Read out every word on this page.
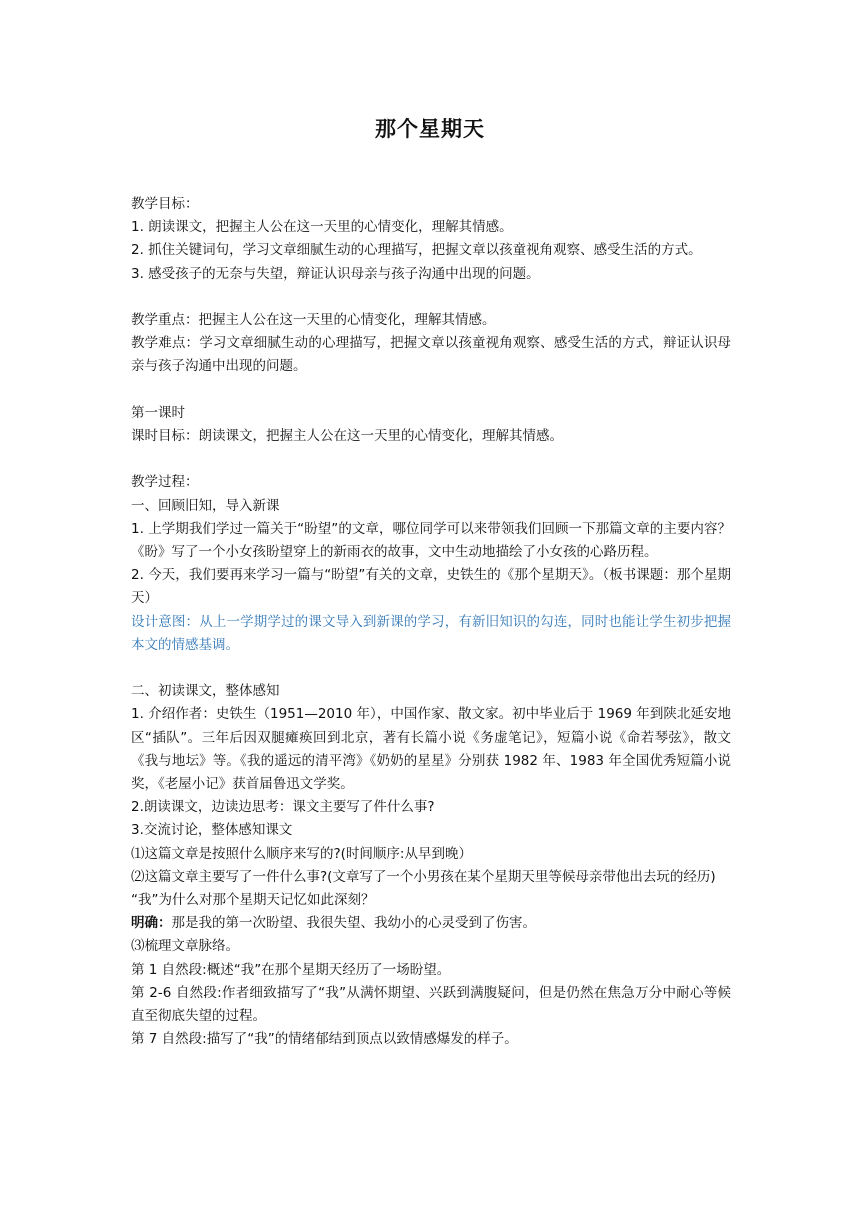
那个星期天

教学目标：

1. 朗读课文，把握主人公在这一天里的心情变化，理解其情感。

2. 抓住关键词句，学习文章细腻生动的心理描写，把握文章以孩童视角观察、感受生活的方式。

3. 感受孩子的无奈与失望，辩证认识母亲与孩子沟通中出现的问题。

教学重点：把握主人公在这一天里的心情变化，理解其情感。

教学难点：学习文章细腻生动的心理描写，把握文章以孩童视角观察、感受生活的方式，辩证认识母亲与孩子沟通中出现的问题。

第一课时

课时目标：朗读课文，把握主人公在这一天里的心情变化，理解其情感。

教学过程：

一、回顾旧知，导入新课

1. 上学期我们学过一篇关于“盼望”的文章，哪位同学可以来带领我们回顾一下那篇文章的主要内容？《盼》写了一个小女孩盼望穿上的新雨衣的故事，文中生动地描绘了小女孩的心路历程。

2. 今天，我们要再来学习一篇与“盼望”有关的文章，史铁生的《那个星期天》。（板书课题：那个星期天）

设计意图：从上一学期学过的课文导入到新课的学习，有新旧知识的勾连，同时也能让学生初步把握本文的情感基调。

二、初读课文，整体感知

1. 介绍作者：史铁生（1951—2010 年），中国作家、散文家。初中毕业后于 1969 年到陕北延安地区“插队”。三年后因双腿瘫痪回到北京，著有长篇小说《务虚笔记》，短篇小说《命若琴弦》，散文《我与地坛》等。《我的遥远的清平湾》《奶奶的星星》分别获 1982 年、1983 年全国优秀短篇小说奖，《老屋小记》获首届鲁迅文学奖。

2.朗读课文，边读边思考：课文主要写了件什么事?

3.交流讨论，整体感知课文

⑴这篇文章是按照什么顺序来写的?(时间顺序:从早到晚）

⑵这篇文章主要写了一件什么事?(文章写了一个小男孩在某个星期天里等候母亲带他出去玩的经历)

“我”为什么对那个星期天记忆如此深刻？

明确：那是我的第一次盼望、我很失望、我幼小的心灵受到了伤害。

⑶梳理文章脉络。

第 1 自然段:概述“我”在那个星期天经历了一场盼望。

第 2-6 自然段:作者细致描写了“我”从满怀期望、兴跃到满腹疑问，但是仍然在焦急万分中耐心等候直至彻底失望的过程。

第 7 自然段:描写了“我”的情绪郁结到顶点以致情感爆发的样子。
